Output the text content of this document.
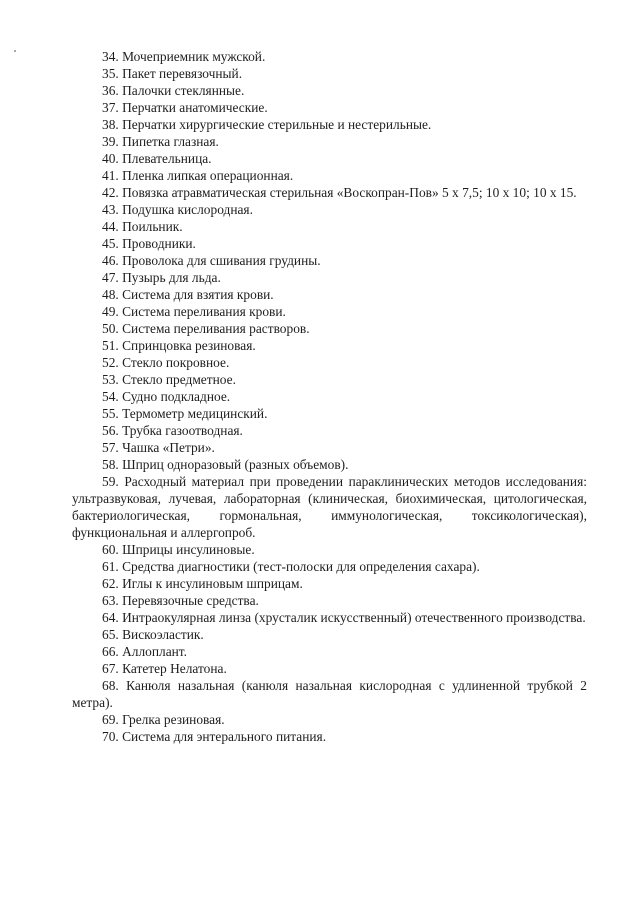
34. Мочеприемник мужской.
35. Пакет перевязочный.
36. Палочки стеклянные.
37. Перчатки анатомические.
38. Перчатки хирургические стерильные и нестерильные.
39. Пипетка глазная.
40. Плевательница.
41. Пленка липкая операционная.
42. Повязка атравматическая стерильная «Воскопран-Пов» 5 x 7,5; 10 x 10; 10 x 15.
43. Подушка кислородная.
44. Поильник.
45. Проводники.
46. Проволока для сшивания грудины.
47. Пузырь для льда.
48. Система для взятия крови.
49. Система переливания крови.
50. Система переливания растворов.
51. Спринцовка резиновая.
52. Стекло покровное.
53. Стекло предметное.
54. Судно подкладное.
55. Термометр медицинский.
56. Трубка газоотводная.
57. Чашка «Петри».
58. Шприц одноразовый (разных объемов).
59. Расходный материал при проведении параклинических методов исследования: ультразвуковая, лучевая, лабораторная (клиническая, биохимическая, цитологическая, бактериологическая, гормональная, иммунологическая, токсикологическая), функциональная и аллергопроб.
60. Шприцы инсулиновые.
61. Средства диагностики (тест-полоски для определения сахара).
62. Иглы к инсулиновым шприцам.
63. Перевязочные средства.
64. Интраокулярная линза (хрусталик искусственный) отечественного производства.
65. Вискоэластик.
66. Аллоплант.
67. Катетер Нелатона.
68. Канюля назальная (канюля назальная кислородная с удлиненной трубкой 2 метра).
69. Грелка резиновая.
70. Система для энтерального питания.
